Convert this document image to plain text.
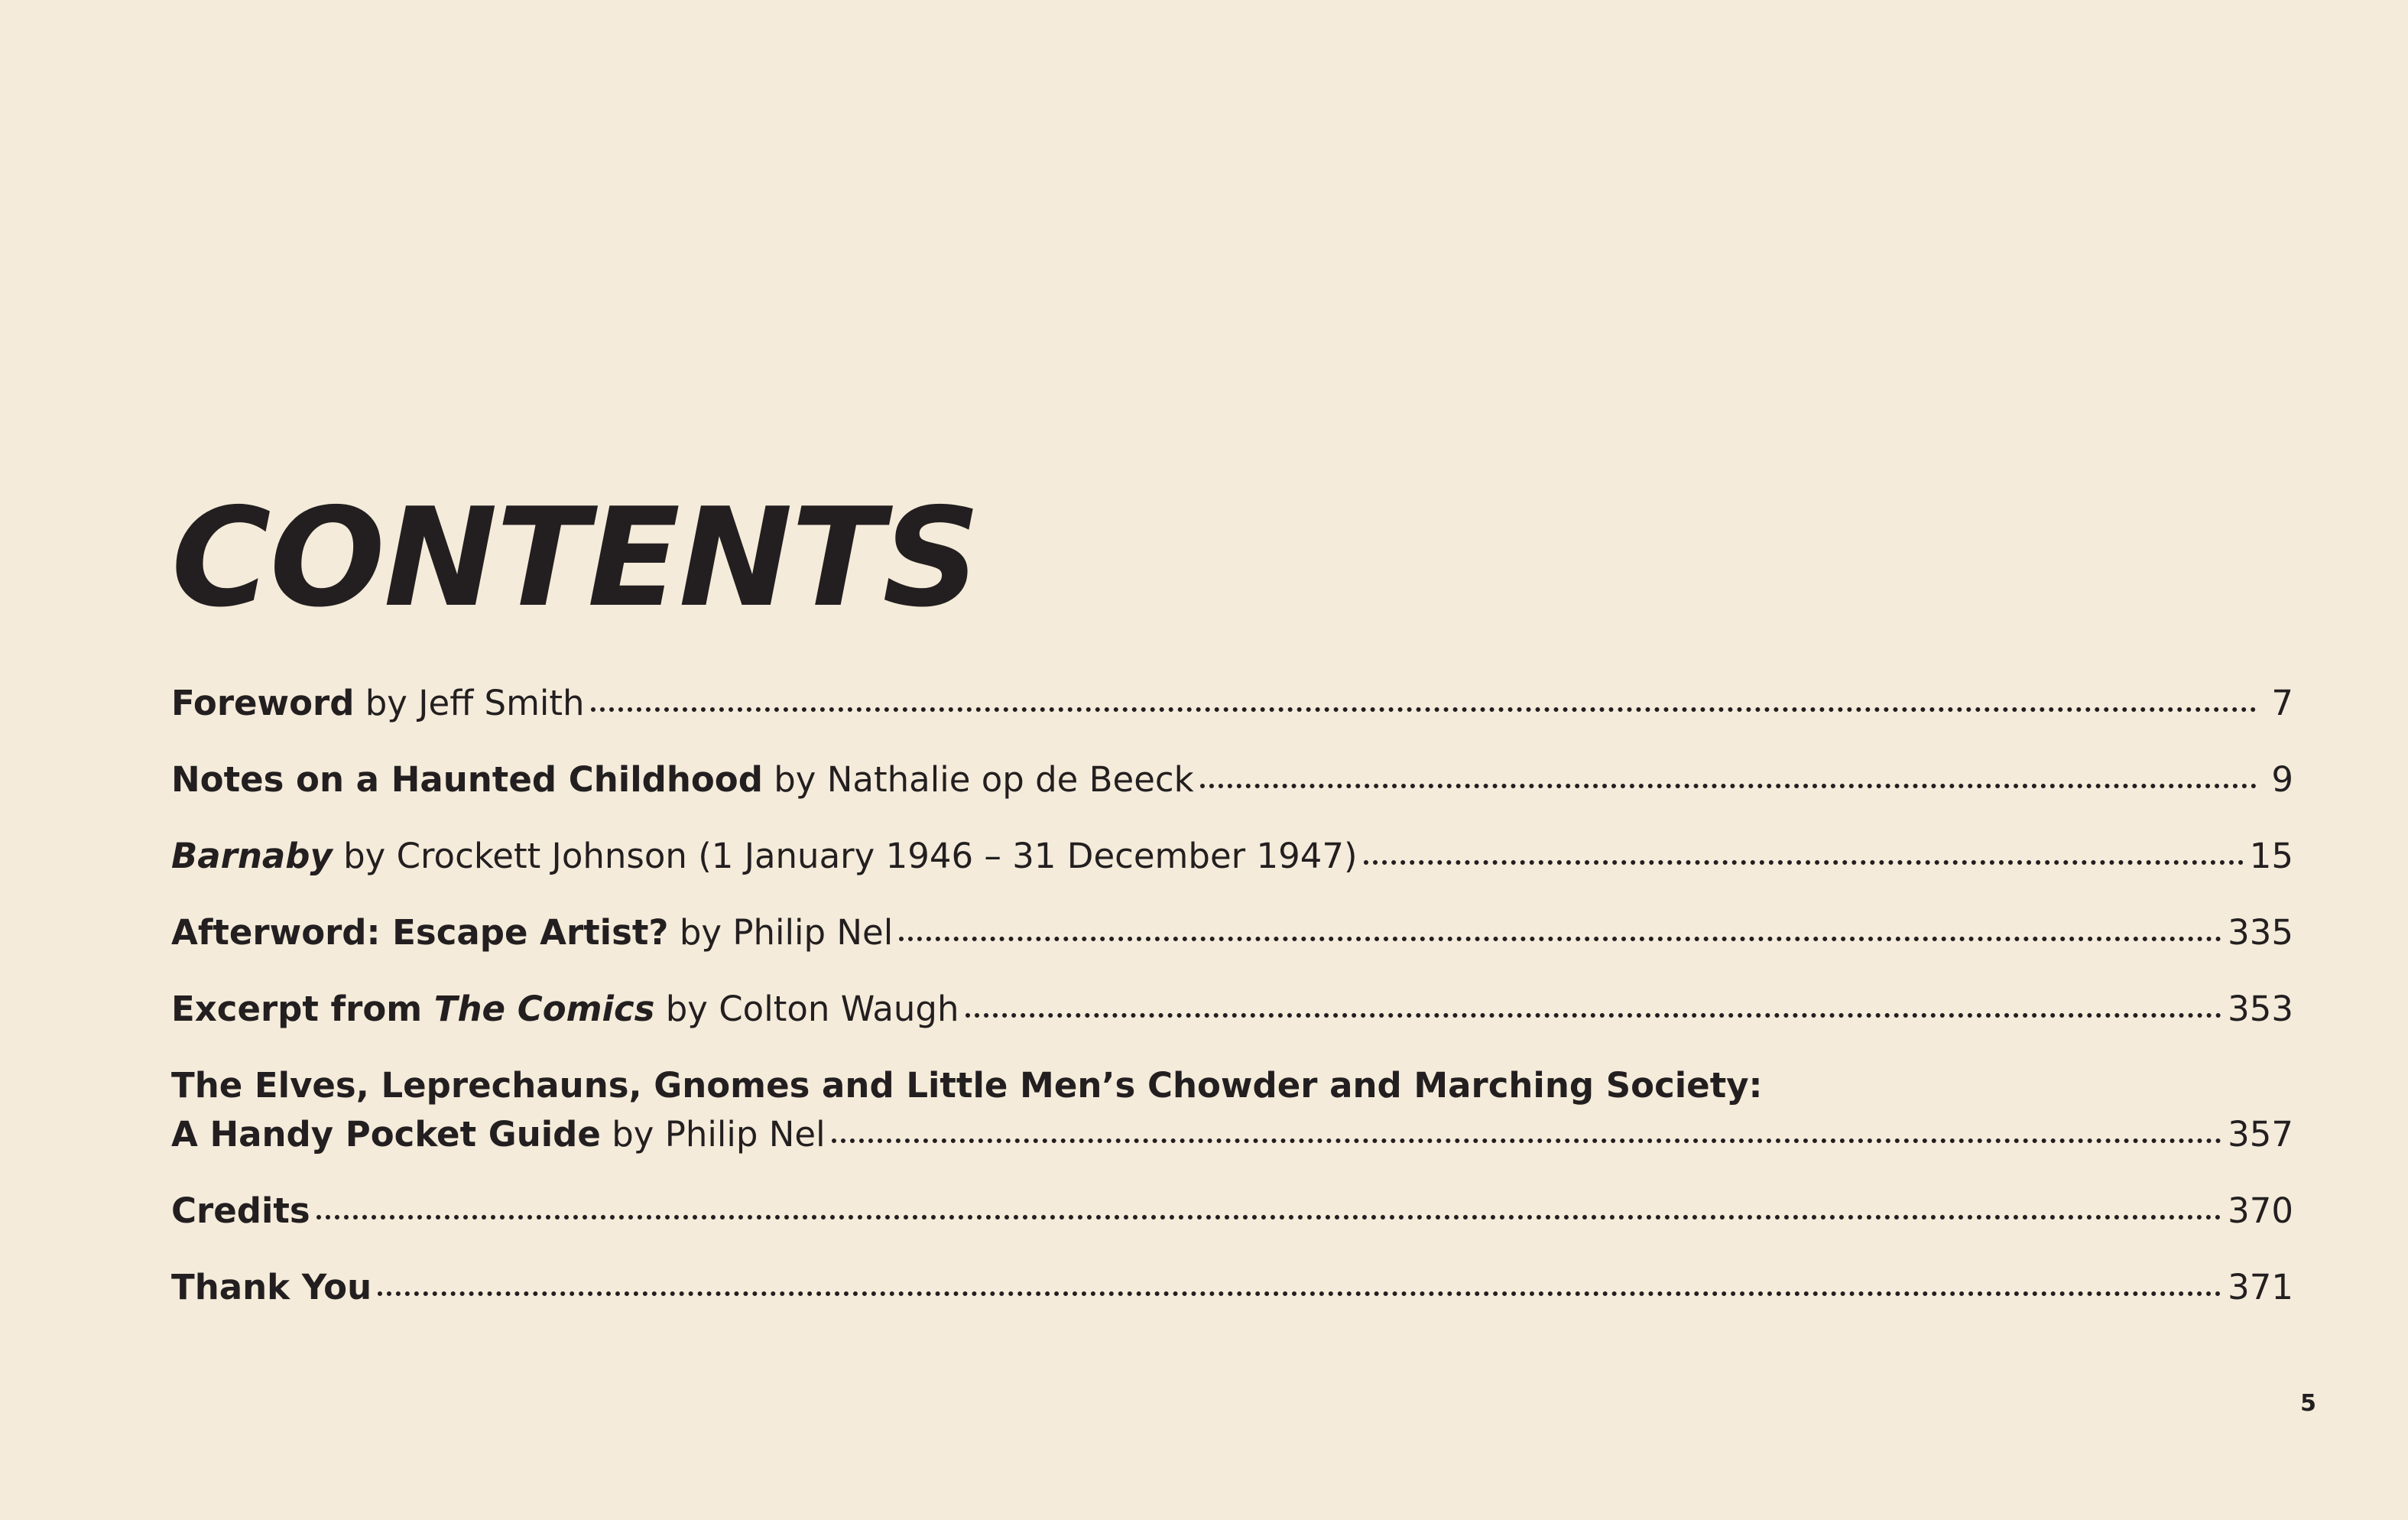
CONTENTS
Foreword by Jeff Smith	7
Notes on a Haunted Childhood by Nathalie op de Beeck	9
Barnaby by Crockett Johnson (1 January 1946 – 31 December 1947)	15
Afterword: Escape Artist? by Philip Nel	335
Excerpt from The Comics by Colton Waugh	353
The Elves, Leprechauns, Gnomes and Little Men’s Chowder and Marching Society:
A Handy Pocket Guide by Philip Nel	357
Credits	370
Thank You	371
5
